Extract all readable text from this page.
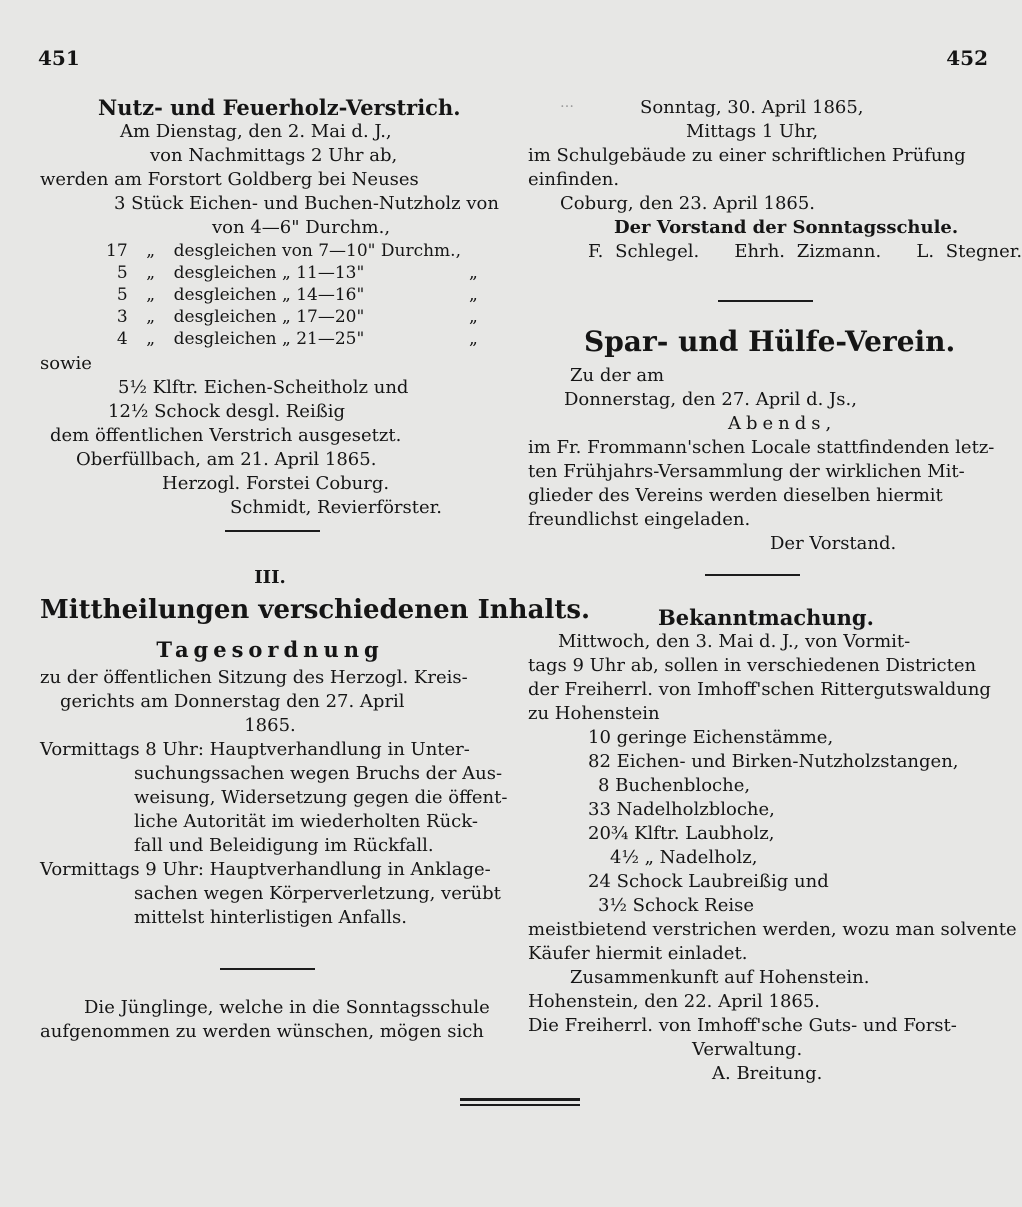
…
451	452
Nutz- und Feuerholz-Verstrich.
Am Dienstag, den 2. Mai d. J.,
von Nachmittags 2 Uhr ab,
werden am Forstort Goldberg bei Neuses
3 Stück Eichen- und Buchen-Nutzholz von
von 4—6" Durchm.,
17	„	desgleichen von 7—10" Durchm.,	
5	„	desgleichen „ 11—13"	„
5	„	desgleichen „ 14—16"	„
3	„	desgleichen „ 17—20"	„
4	„	desgleichen „ 21—25"	„
sowie
5½ Klftr. Eichen-Scheitholz und
12½ Schock desgl. Reißig
dem öffentlichen Verstrich ausgesetzt.
Oberfüllbach, am 21. April 1865.
Herzogl. Forstei Coburg.
Schmidt, Revierförster.
III.
Mittheilungen verschiedenen Inhalts.
Tagesordnung
zu der öffentlichen Sitzung des Herzogl. Kreis-
gerichts am Donnerstag den 27. April
1865.
Vormittags 8 Uhr: Hauptverhandlung in Unter-
suchungssachen wegen Bruchs der Aus-
weisung, Widersetzung gegen die öffent-
liche Autorität im wiederholten Rück-
fall und Beleidigung im Rückfall.
Vormittags 9 Uhr: Hauptverhandlung in Anklage-
sachen wegen Körperverletzung, verübt
mittelst hinterlistigen Anfalls.
Die Jünglinge, welche in die Sonntagsschule
aufgenommen zu werden wünschen, mögen sich
Sonntag, 30. April 1865,
Mittags 1 Uhr,
im Schulgebäude zu einer schriftlichen Prüfung
einfinden.
Coburg, den 23. April 1865.
Der Vorstand der Sonntagsschule.
F. Schlegel. Ehrh. Zizmann. L. Stegner.
Spar- und Hülfe-Verein.
Zu der am
Donnerstag, den 27. April d. Js.,
Abends,
im Fr. Frommann'schen Locale stattfindenden letz-
ten Frühjahrs-Versammlung der wirklichen Mit-
glieder des Vereins werden dieselben hiermit
freundlichst eingeladen.
Der Vorstand.
Bekanntmachung.
Mittwoch, den 3. Mai d. J., von Vormit-
tags 9 Uhr ab, sollen in verschiedenen Districten
der Freiherrl. von Imhoff'schen Rittergutswaldung
zu Hohenstein
10 geringe Eichenstämme,
82 Eichen- und Birken-Nutzholzstangen,
8 Buchenbloche,
33 Nadelholzbloche,
20¾ Klftr. Laubholz,
4½ „ Nadelholz,
24 Schock Laubreißig und
3½ Schock Reise
meistbietend verstrichen werden, wozu man solvente
Käufer hiermit einladet.
Zusammenkunft auf Hohenstein.
Hohenstein, den 22. April 1865.
Die Freiherrl. von Imhoff'sche Guts- und Forst-
Verwaltung.
A. Breitung.
